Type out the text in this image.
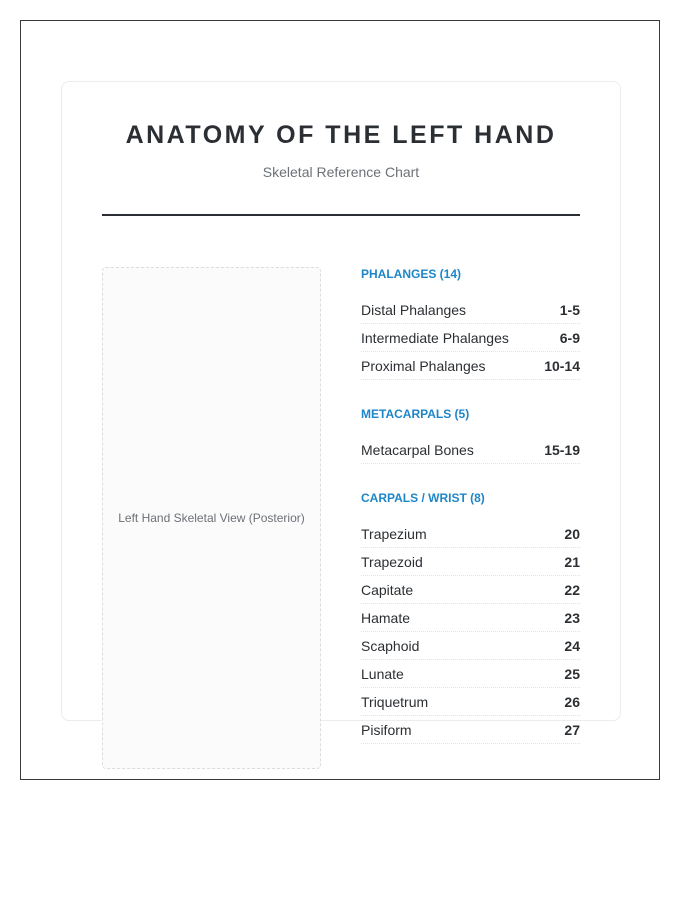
ANATOMY OF THE LEFT HAND

Skeletal Reference Chart

Left Hand Skeletal View (Posterior)
PHALANGES (14)
Distal Phalanges	1-5
Intermediate Phalanges	6-9
Proximal Phalanges	10-14
METACARPALS (5)
Metacarpal Bones	15-19
CARPALS / WRIST (8)
Trapezium	20
Trapezoid	21
Capitate	22
Hamate	23
Scaphoid	24
Lunate	25
Triquetrum	26
Pisiform	27
